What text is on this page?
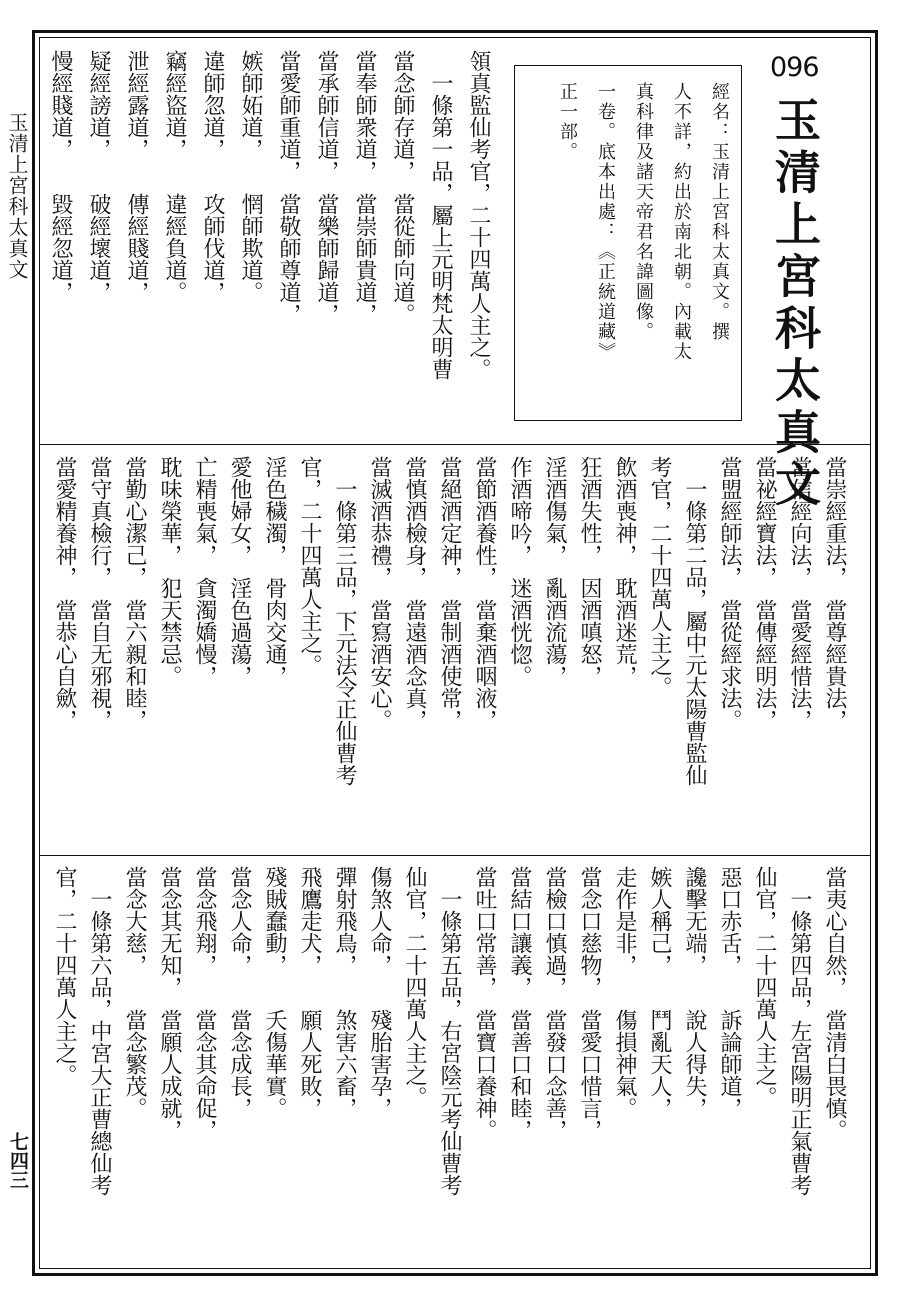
玉清上宮科太真文
七四三
096
玉清上宮科太真文
經名：玉清上宮科太真文。撰
人不詳，約出於南北朝。內載太
真科律及諸天帝君名諱圖像。
一卷。底本出處：《正統道藏》
正一部。
領真監仙考官，二十四萬人主之。
　一條第一品，屬上元明梵太明曹
當念師存道，　當從師向道。
當奉師衆道，　當崇師貴道，
當承師信道，　當樂師歸道，
當愛師重道，　當敬師尊道，
嫉師妬道，　　惘師欺道。
違師忽道，　　攻師伐道，
竊經盜道，　　違經負道。
泄經露道，　　傳經賤道，
疑經謗道，　　破經壞道，
慢經賤道，　　毀經忽道，
當崇經重法，　當尊經貴法，
當信經向法，　當愛經惜法，
當祕經寶法，　當傳經明法，
當盟經師法，　當從經求法。
　一條第二品，屬中元太陽曹監仙
考官，二十四萬人主之。
飲酒喪神，　耽酒迷荒，
狂酒失性，　因酒嗔怒，
淫酒傷氣，　亂酒流蕩，
作酒啼吟，　迷酒恍惚。
當節酒養性，　當棄酒咽液，
當絕酒定神，　當制酒使常，
當慎酒檢身，　當遠酒念真，
當滅酒恭禮，　當寫酒安心。
　一條第三品，下元法令正仙曹考
官，二十四萬人主之。
淫色穢濁，　骨肉交通，
愛他婦女，　淫色過蕩，
亡精喪氣，　貪濁嬌慢，
耽味榮華，　犯天禁忌。
當勤心潔己，　當六親和睦，
當守真檢行，　當自无邪視，
當愛精養神，　當恭心自歛，
當夷心自然，　當清白畏慎。
　一條第四品，左宮陽明正氣曹考
仙官，二十四萬人主之。
惡口赤舌，　　訴論師道，
讒擊无端，　　說人得失，
嫉人稱己，　　鬥亂天人，
走作是非，　　傷損神氣。
當念口慈物，　當愛口惜言，
當檢口慎過，　當發口念善，
當結口讓義，　當善口和睦，
當吐口常善，　當寶口養神。
　一條第五品，右宮陰元考仙曹考
仙官，二十四萬人主之。
傷煞人命，　　殘胎害孕，
彈射飛鳥，　　煞害六畜，
飛鷹走犬，　　願人死敗，
殘賊蠢動，　　夭傷華實。
當念人命，　　當念成長，
當念飛翔，　　當念其命促，
當念其无知，　當願人成就，
當念大慈，　　當念繁茂。
　一條第六品，中宮大正曹總仙考
官，二十四萬人主之。
